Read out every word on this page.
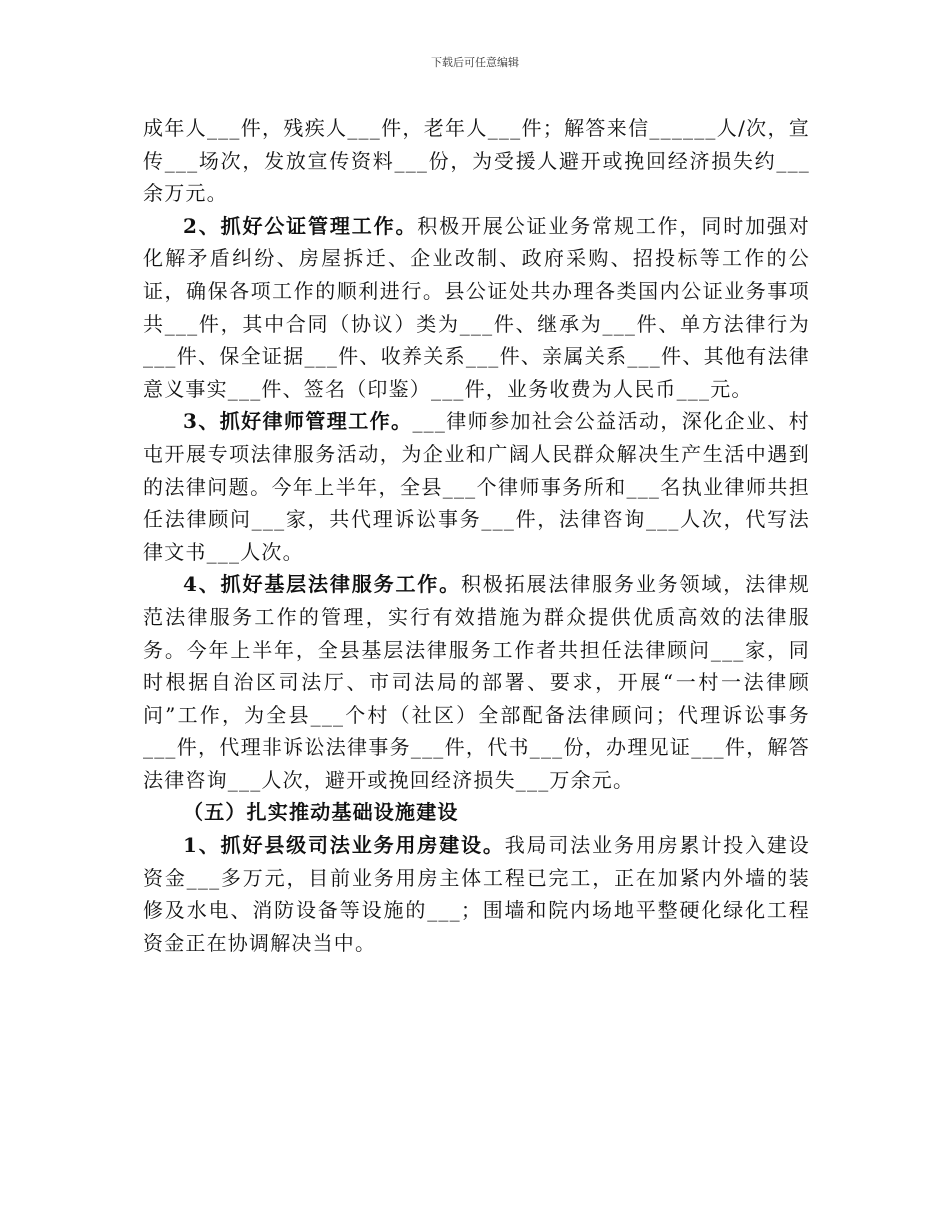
下载后可任意编辑

成年人___件，残疾人___件，老年人___件；解答来信______人/次，宣传___场次，发放宣传资料___份，为受援人避开或挽回经济损失约___余万元。

2、抓好公证管理工作。积极开展公证业务常规工作，同时加强对化解矛盾纠纷、房屋拆迁、企业改制、政府采购、招投标等工作的公证，确保各项工作的顺利进行。县公证处共办理各类国内公证业务事项共___件，其中合同（协议）类为___件、继承为___件、单方法律行为___件、保全证据___件、收养关系___件、亲属关系___件、其他有法律意义事实___件、签名（印鉴）___件，业务收费为人民币___元。

3、抓好律师管理工作。___律师参加社会公益活动，深化企业、村屯开展专项法律服务活动，为企业和广阔人民群众解决生产生活中遇到的法律问题。今年上半年，全县___个律师事务所和___名执业律师共担任法律顾问___家，共代理诉讼事务___件，法律咨询___人次，代写法律文书___人次。

4、抓好基层法律服务工作。积极拓展法律服务业务领域，法律规范法律服务工作的管理，实行有效措施为群众提供优质高效的法律服务。今年上半年，全县基层法律服务工作者共担任法律顾问___家，同时根据自治区司法厅、市司法局的部署、要求，开展“一村一法律顾问”工作，为全县___个村（社区）全部配备法律顾问；代理诉讼事务___件，代理非诉讼法律事务___件，代书___份，办理见证___件，解答法律咨询___人次，避开或挽回经济损失___万余元。

（五）扎实推动基础设施建设

1、抓好县级司法业务用房建设。我局司法业务用房累计投入建设资金___多万元，目前业务用房主体工程已完工，正在加紧内外墙的装修及水电、消防设备等设施的___；围墙和院内场地平整硬化绿化工程资金正在协调解决当中。
